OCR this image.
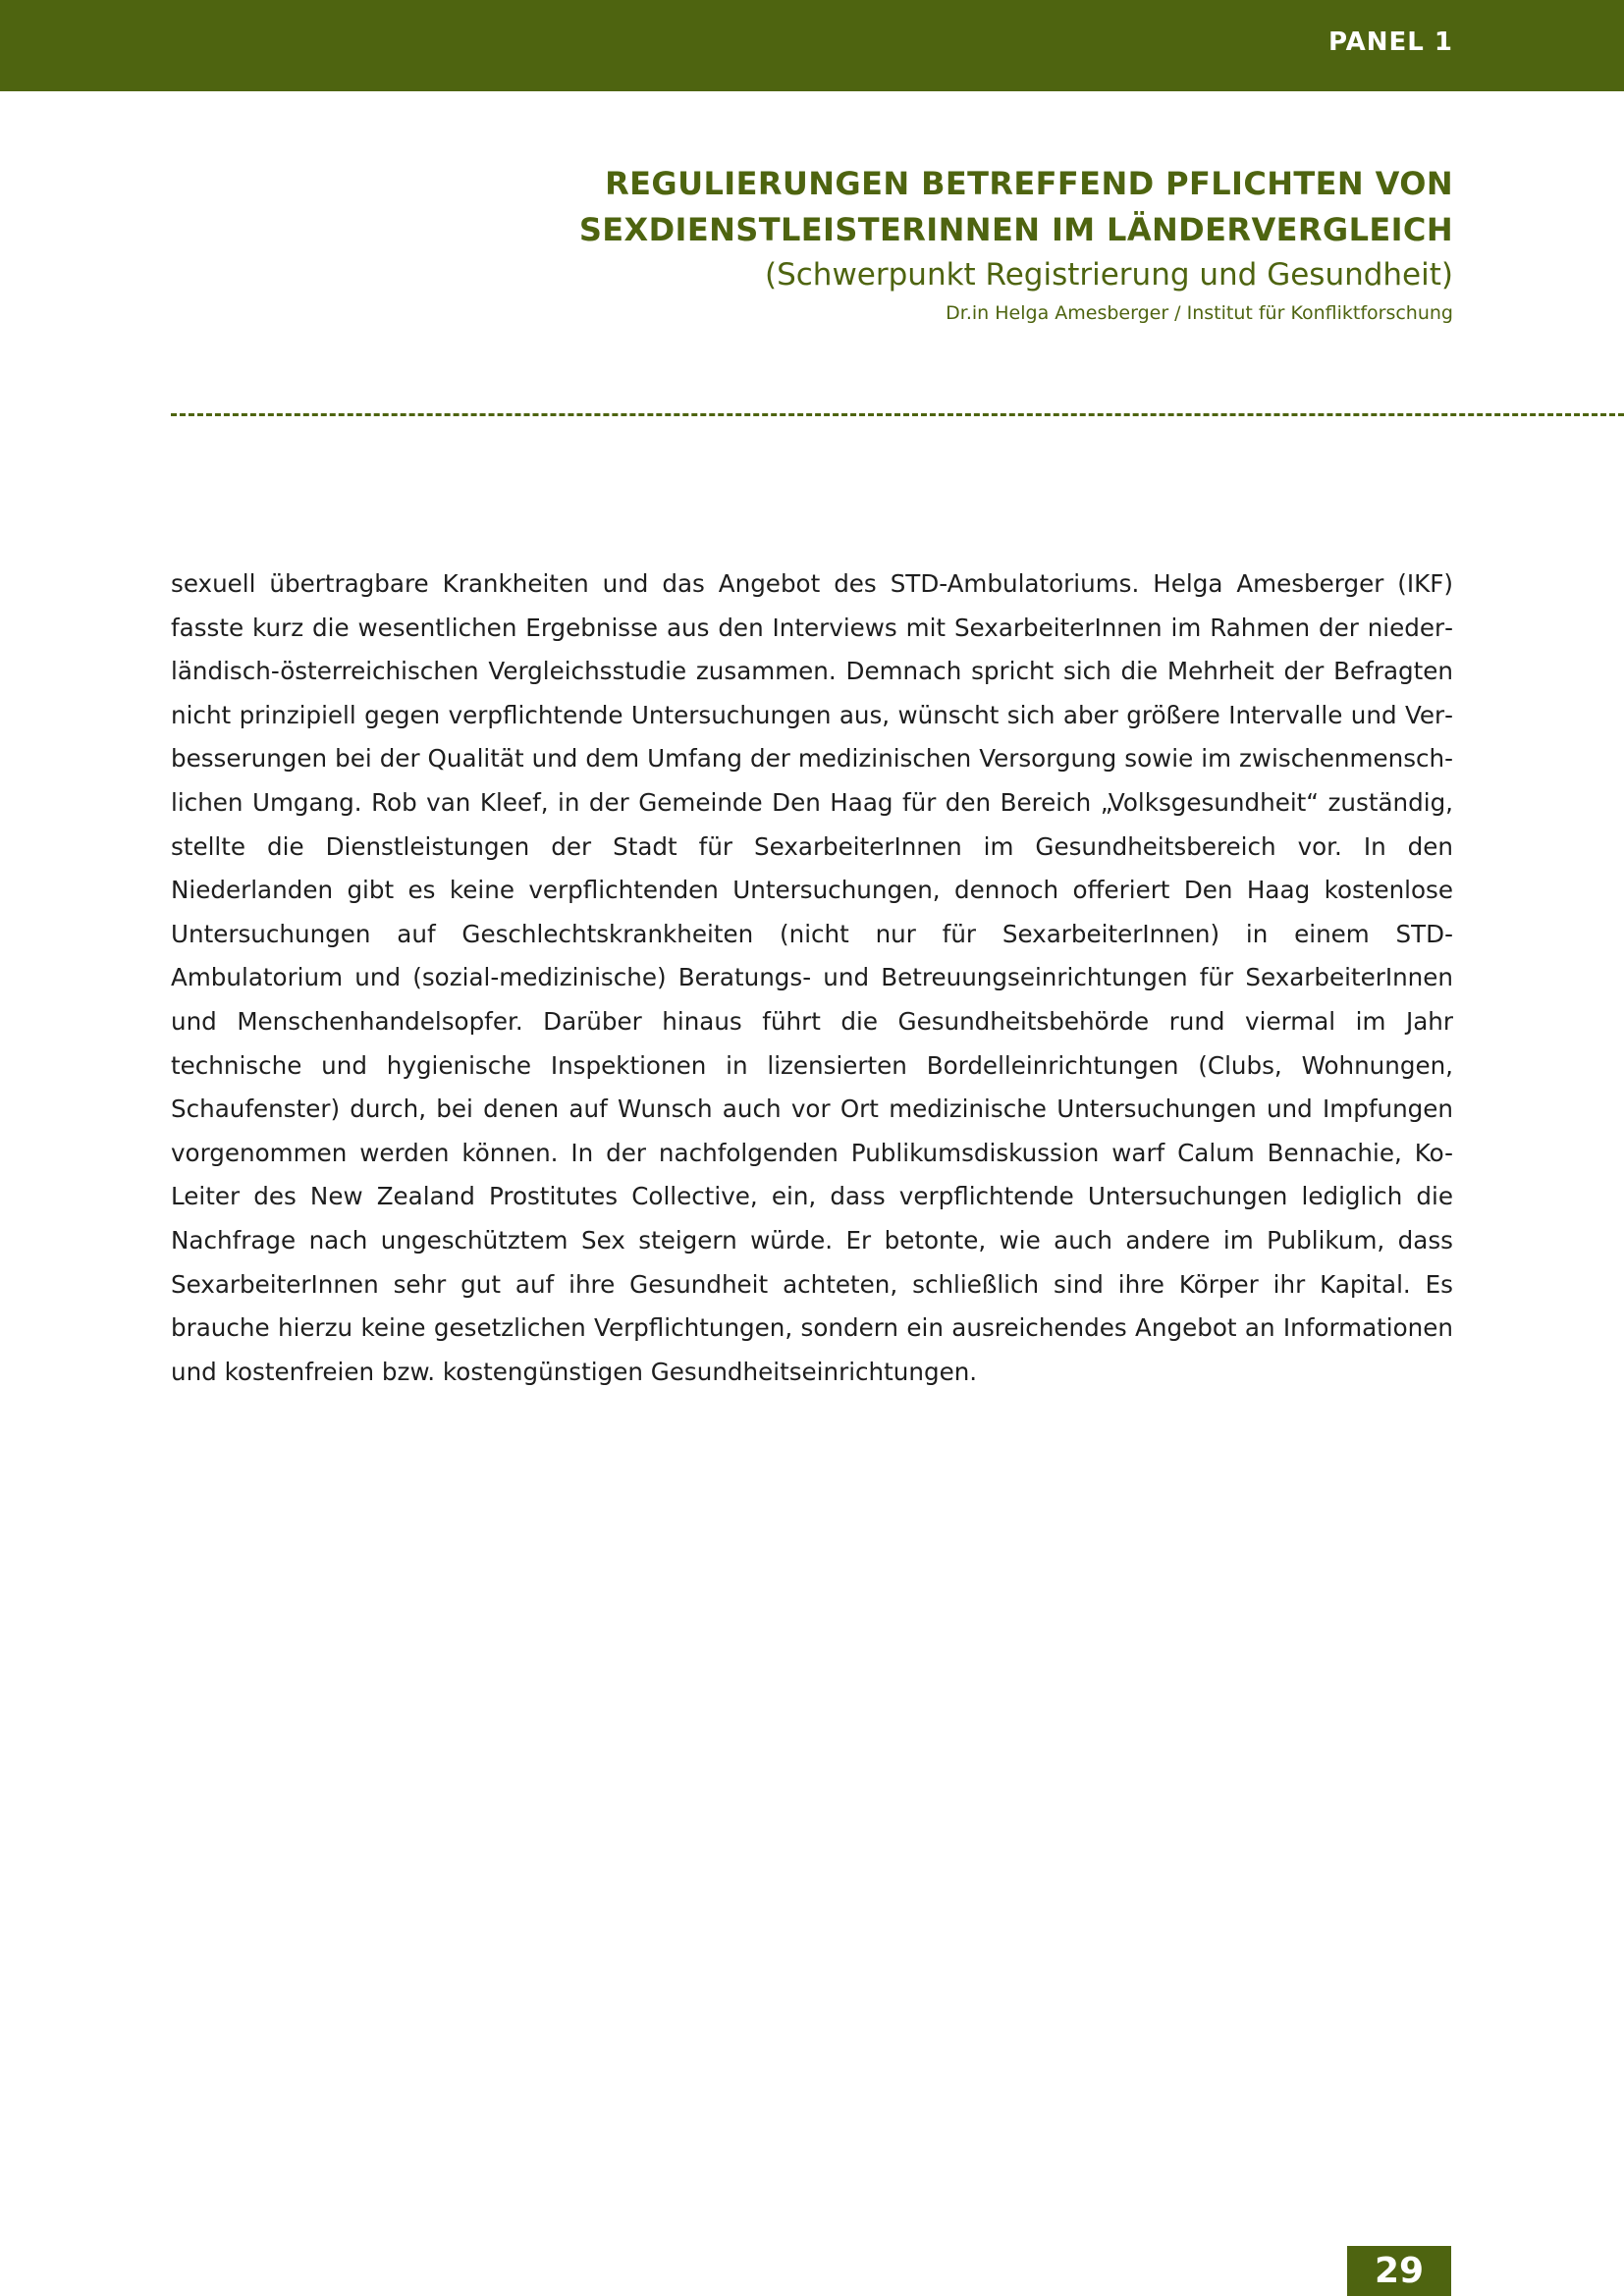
PANEL 1
REGULIERUNGEN BETREFFEND PFLICHTEN VON
SEXDIENSTLEISTERINNEN IM LÄNDERVERGLEICH
(Schwerpunkt Registrierung und Gesundheit)
Dr.in Helga Amesberger / Institut für Konfliktforschung

sexuell übertragbare Krankheiten und das Angebot des STD-Ambulatoriums. Helga Amesberger (IKF) fasste kurz die wesentlichen Ergebnisse aus den Interviews mit SexarbeiterInnen im Rahmen der niederländisch-österreichischen Vergleichsstudie zusammen. Demnach spricht sich die Mehrheit der Befragten nicht prinzipiell gegen verpflichtende Untersuchungen aus, wünscht sich aber größere Intervalle und Verbesserungen bei der Qualität und dem Umfang der medizinischen Versorgung sowie im zwischenmenschlichen Umgang. Rob van Kleef, in der Gemeinde Den Haag für den Bereich „Volksgesundheit“ zuständig, stellte die Dienstleistungen der Stadt für SexarbeiterInnen im Gesundheitsbereich vor. In den Niederlanden gibt es keine verpflichtenden Untersuchungen, dennoch offeriert Den Haag kostenlose Untersuchungen auf Geschlechtskrankheiten (nicht nur für SexarbeiterInnen) in einem STD-Ambulatorium und (sozial-medizinische) Beratungs- und Betreuungseinrichtungen für SexarbeiterInnen und Menschenhandelsopfer. Darüber hinaus führt die Gesundheitsbehörde rund viermal im Jahr technische und hygienische Inspektionen in lizensierten Bordelleinrichtungen (Clubs, Wohnungen, Schaufenster) durch, bei denen auf Wunsch auch vor Ort medizinische Untersuchungen und Impfungen vorgenommen werden können. In der nachfolgenden Publikumsdiskussion warf Calum Bennachie, Ko-Leiter des New Zealand Prostitutes Collective, ein, dass verpflichtende Untersuchungen lediglich die Nachfrage nach ungeschütztem Sex steigern würde. Er betonte, wie auch andere im Publikum, dass SexarbeiterInnen sehr gut auf ihre Gesundheit achteten, schließlich sind ihre Körper ihr Kapital. Es brauche hierzu keine gesetzlichen Verpflichtungen, sondern ein ausreichendes Angebot an Informationen und kostenfreien bzw. kostengünstigen Gesundheitseinrichtungen.

29
